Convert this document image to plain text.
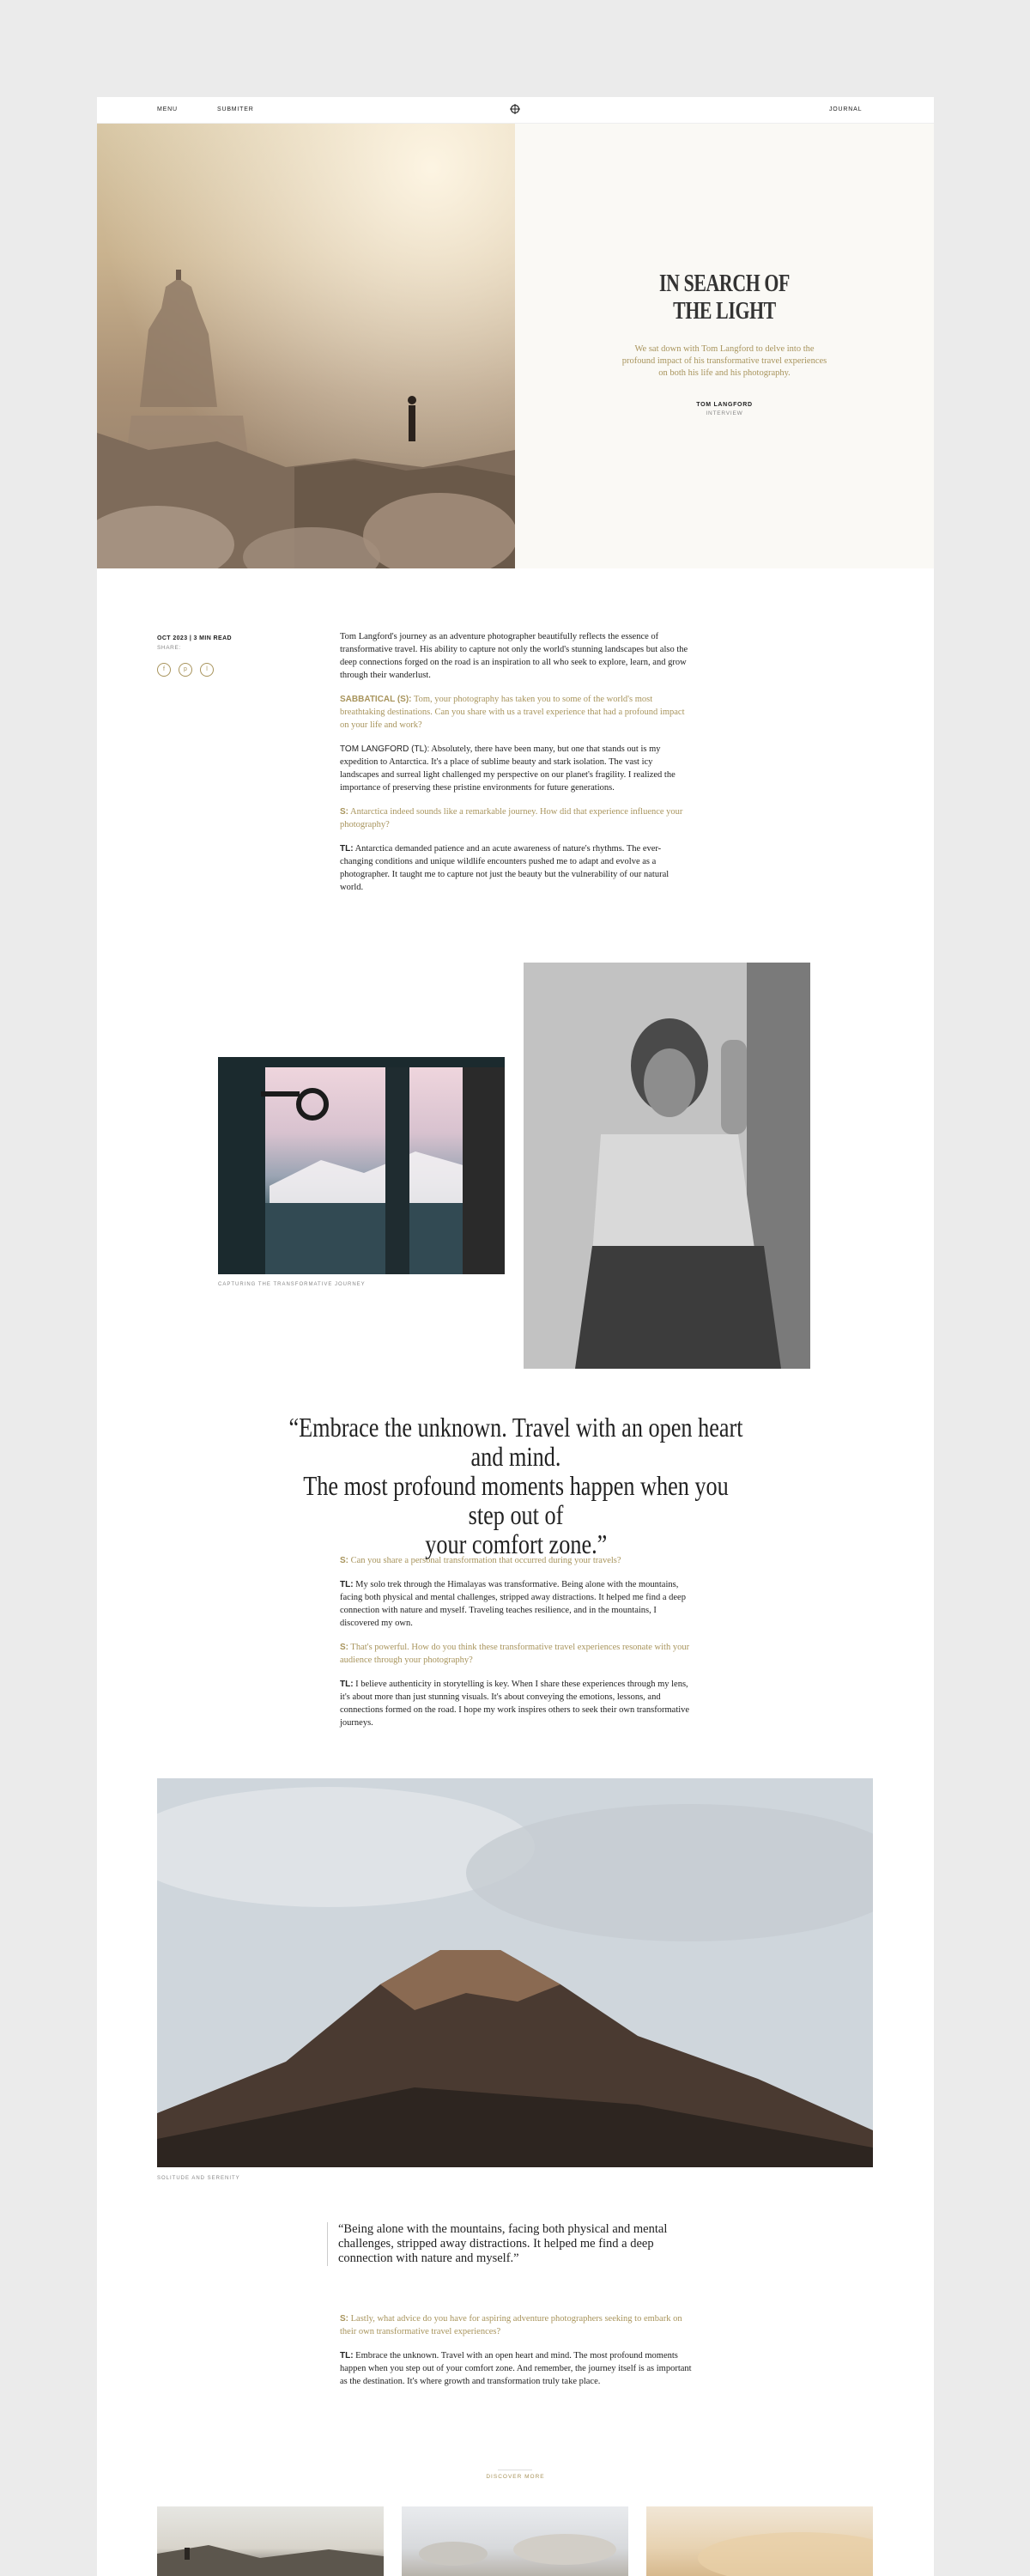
MENU	SUBMITER	JOURNAL
IN SEARCH OF
THE LIGHT
We sat down with Tom Langford to delve into the profound impact of his transformative travel experiences on both his life and his photography.
TOM LANGFORD
INTERVIEW
OCT 2023 | 3 MIN READ
SHARE:
f	p	l

Tom Langford's journey as an adventure photographer beautifully reflects the essence of transformative travel. His ability to capture not only the world's stunning landscapes but also the deep connections forged on the road is an inspiration to all who seek to explore, learn, and grow through their wanderlust.

SABBATICAL (S): Tom, your photography has taken you to some of the world's most breathtaking destinations. Can you share with us a travel experience that had a profound impact on your life and work?

TOM LANGFORD (TL): Absolutely, there have been many, but one that stands out is my expedition to Antarctica. It's a place of sublime beauty and stark isolation. The vast icy landscapes and surreal light challenged my perspective on our planet's fragility. I realized the importance of preserving these pristine environments for future generations.

S: Antarctica indeed sounds like a remarkable journey. How did that experience influence your photography?

TL: Antarctica demanded patience and an acute awareness of nature's rhythms. The ever-changing conditions and unique wildlife encounters pushed me to adapt and evolve as a photographer. It taught me to capture not just the beauty but the vulnerability of our natural world.

CAPTURING THE TRANSFORMATIVE JOURNEY
“Embrace the unknown. Travel with an open heart and mind.
The most profound moments happen when you step out of
your comfort zone.”

S: Can you share a personal transformation that occurred during your travels?

TL: My solo trek through the Himalayas was transformative. Being alone with the mountains, facing both physical and mental challenges, stripped away distractions. It helped me find a deep connection with nature and myself. Traveling teaches resilience, and in the mountains, I discovered my own.

S: That's powerful. How do you think these transformative travel experiences resonate with your audience through your photography?

TL: I believe authenticity in storytelling is key. When I share these experiences through my lens, it's about more than just stunning visuals. It's about conveying the emotions, lessons, and connections formed on the road. I hope my work inspires others to seek their own transformative journeys.

SOLITUDE AND SERENITY
“Being alone with the mountains, facing both physical and mental challenges, stripped away distractions. It helped me find a deep connection with nature and myself.”

S: Lastly, what advice do you have for aspiring adventure photographers seeking to embark on their own transformative travel experiences?

TL: Embrace the unknown. Travel with an open heart and mind. The most profound moments happen when you step out of your comfort zone. And remember, the journey itself is as important as the destination. It's where growth and transformation truly take place.

DISCOVER MORE
